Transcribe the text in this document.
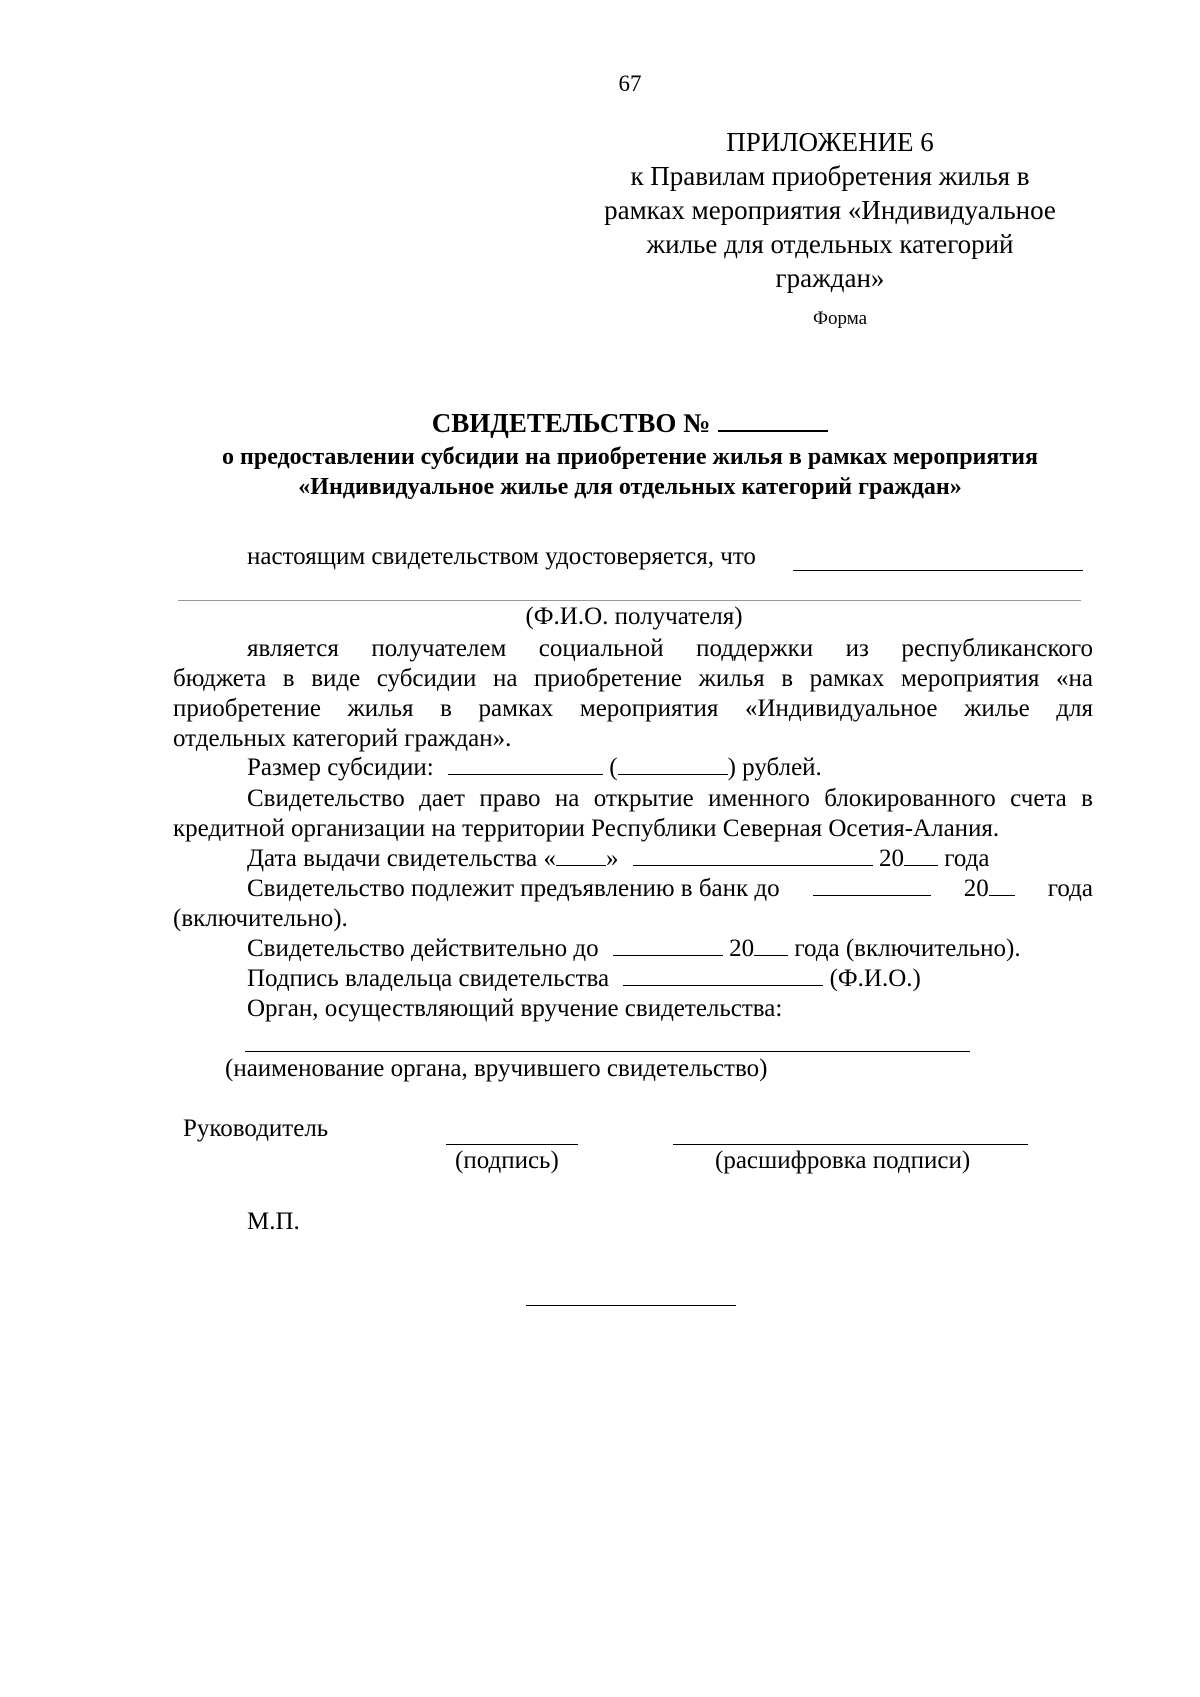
67
ПРИЛОЖЕНИЕ 6
к Правилам приобретения жилья в рамках мероприятия «Индивидуальное жилье для отдельных категорий граждан»
Форма
СВИДЕТЕЛЬСТВО №
о предоставлении субсидии на приобретение жилья в рамках мероприятия
«Индивидуальное жилье для отдельных категорий граждан»
настоящим свидетельством удостоверяется, что
(Ф.И.О. получателя)
является получателем социальной поддержки из республиканского
бюджета в виде субсидии на приобретение жилья в рамках мероприятия «на
приобретение жилья в рамках мероприятия «Индивидуальное жилье для
отдельных категорий граждан».
Размер субсидии:	(	) рублей.
Свидетельство дает право на открытие именного блокированного счета в
кредитной организации на территории Республики Северная Осетия-Алания.
Дата выдачи свидетельства « »	20 года
Свидетельство подлежит предъявлению в банк до	20	года
(включительно).
Свидетельство действительно до	20 года (включительно).
Подпись владельца свидетельства	(Ф.И.О.)
Орган, осуществляющий вручение свидетельства:
(наименование органа, вручившего свидетельство)
Руководитель
(подпись)	(расшифровка подписи)
М.П.
